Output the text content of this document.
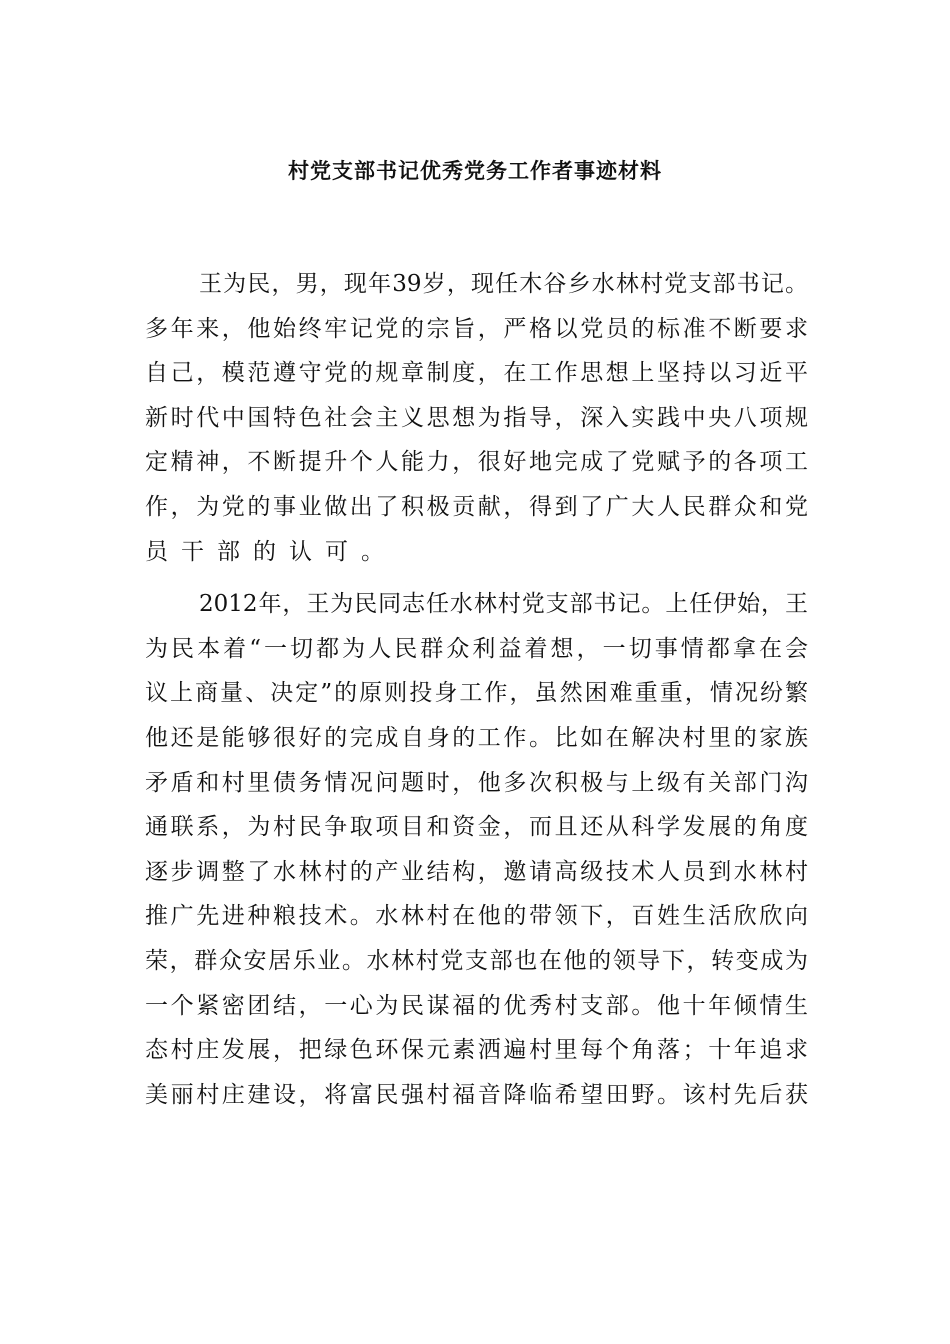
村党支部书记优秀党务工作者事迹材料
王为民，男，现年39岁，现任木谷乡水林村党支部书记。
多年来，他始终牢记党的宗旨，严格以党员的标准不断要求
自己，模范遵守党的规章制度，在工作思想上坚持以习近平
新时代中国特色社会主义思想为指导，深入实践中央八项规
定精神，不断提升个人能力，很好地完成了党赋予的各项工
作，为党的事业做出了积极贡献，得到了广大人民群众和党
员干部的认可。
2012年，王为民同志任水林村党支部书记。上任伊始，王
为民本着“一切都为人民群众利益着想，一切事情都拿在会
议上商量、决定”的原则投身工作，虽然困难重重，情况纷繁
他还是能够很好的完成自身的工作。比如在解决村里的家族
矛盾和村里债务情况问题时，他多次积极与上级有关部门沟
通联系，为村民争取项目和资金，而且还从科学发展的角度
逐步调整了水林村的产业结构，邀请高级技术人员到水林村
推广先进种粮技术。水林村在他的带领下，百姓生活欣欣向
荣，群众安居乐业。水林村党支部也在他的领导下，转变成为
一个紧密团结，一心为民谋福的优秀村支部。他十年倾情生
态村庄发展，把绿色环保元素洒遍村里每个角落；十年追求
美丽村庄建设，将富民强村福音降临希望田野。该村先后获
